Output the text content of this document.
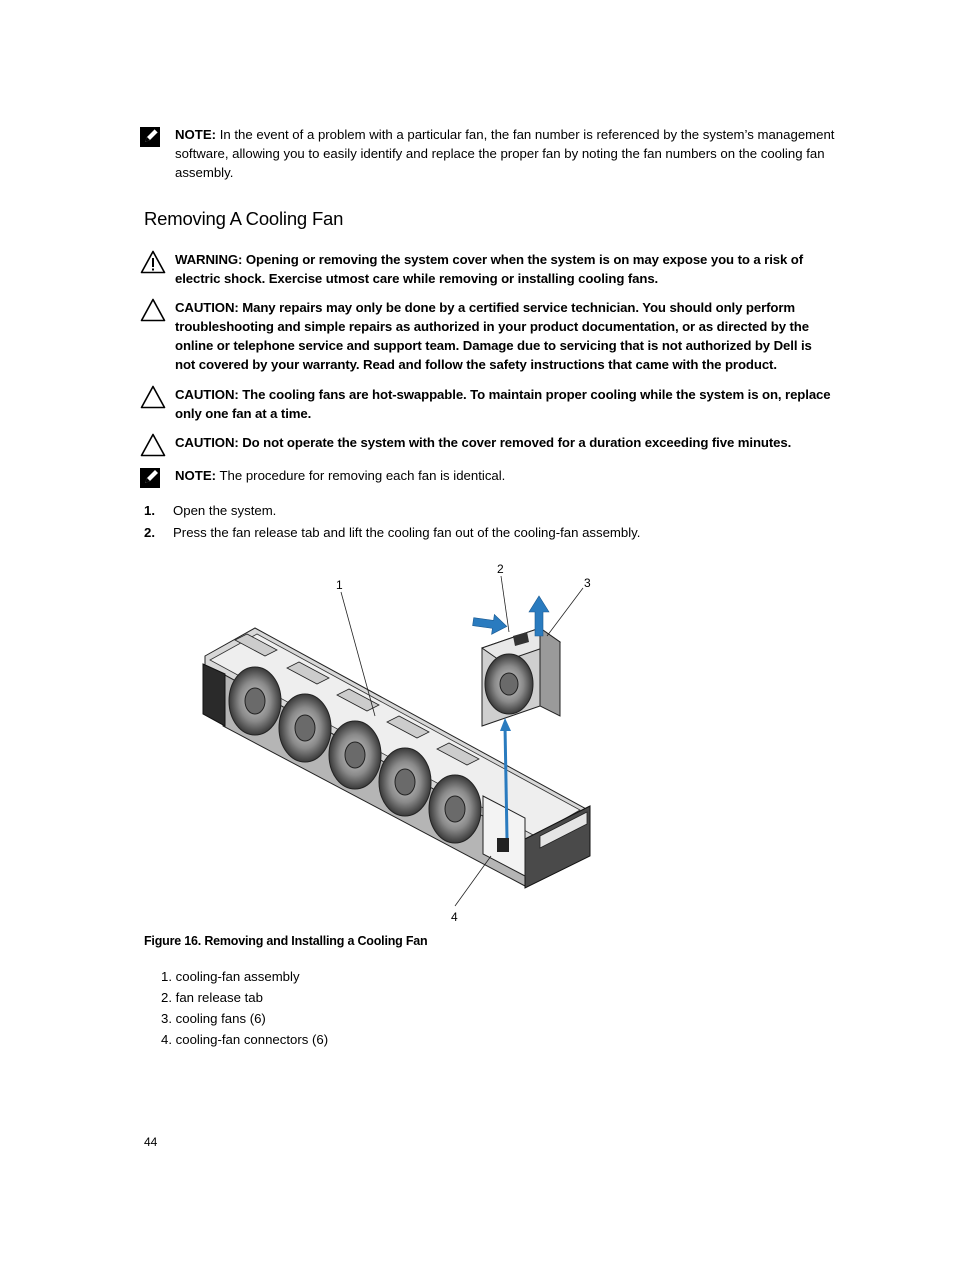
NOTE: In the event of a problem with a particular fan, the fan number is referenced by the system’s management software, allowing you to easily identify and replace the proper fan by noting the fan numbers on the cooling fan assembly.
Removing A Cooling Fan
WARNING: Opening or removing the system cover when the system is on may expose you to a risk of electric shock. Exercise utmost care while removing or installing cooling fans.
CAUTION: Many repairs may only be done by a certified service technician. You should only perform troubleshooting and simple repairs as authorized in your product documentation, or as directed by the online or telephone service and support team. Damage due to servicing that is not authorized by Dell is not covered by your warranty. Read and follow the safety instructions that came with the product.
CAUTION: The cooling fans are hot-swappable. To maintain proper cooling while the system is on, replace only one fan at a time.
CAUTION: Do not operate the system with the cover removed for a duration exceeding five minutes.
NOTE: The procedure for removing each fan is identical.
1. Open the system.
2. Press the fan release tab and lift the cooling fan out of the cooling-fan assembly.
1
2
3
4
Figure 16. Removing and Installing a Cooling Fan
1. cooling-fan assembly
2. fan release tab
3. cooling fans (6)
4. cooling-fan connectors (6)
44
